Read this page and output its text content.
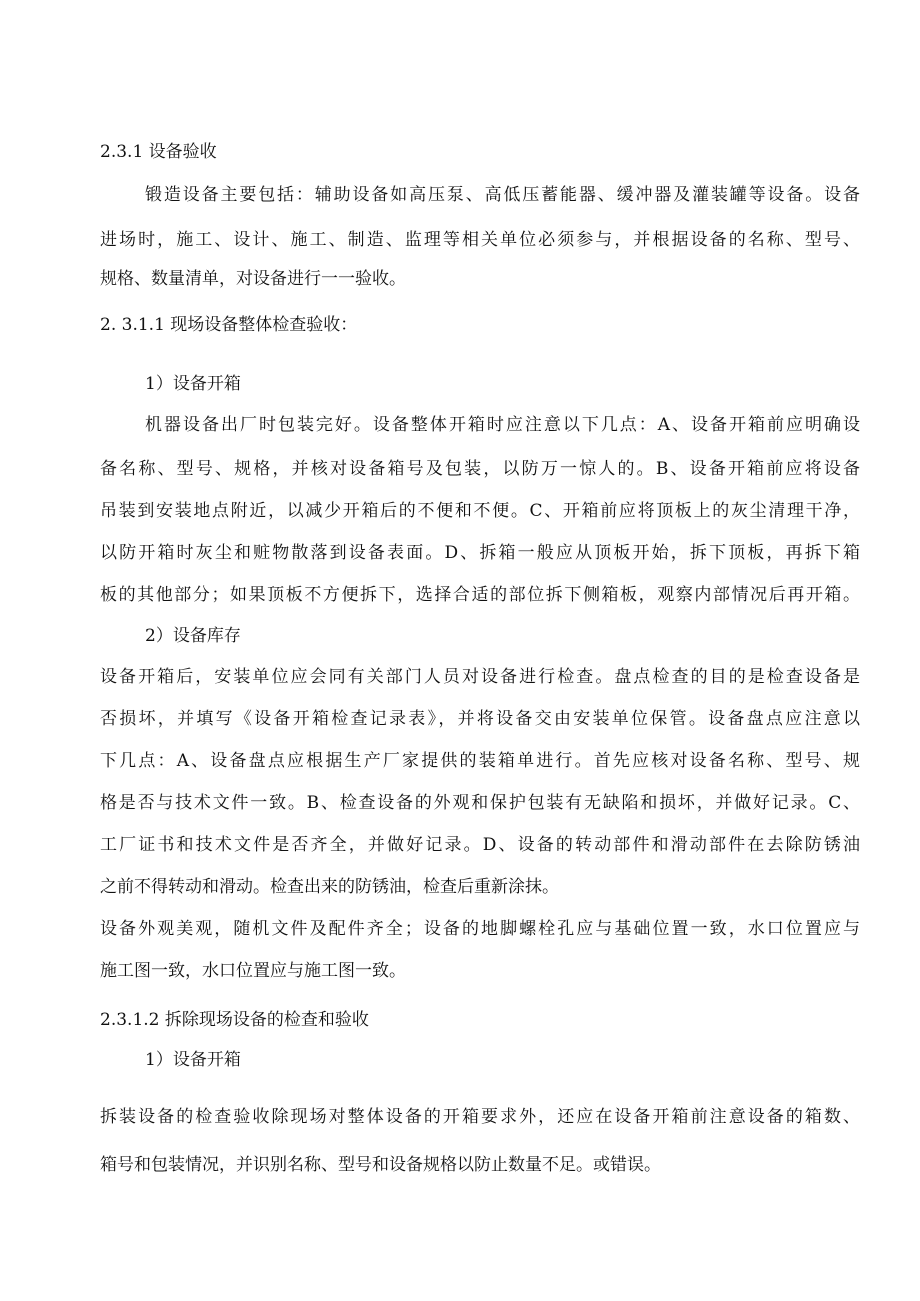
2.3.1 设备验收
锻造设备主要包括：辅助设备如高压泵、高低压蓄能器、缓冲器及灌装罐等设备。设备
进场时，施工、设计、施工、制造、监理等相关单位必须参与，并根据设备的名称、型号、
规格、数量清单，对设备进行一一验收。
2. 3.1.1 现场设备整体检查验收：
1）设备开箱
机器设备出厂时包装完好。设备整体开箱时应注意以下几点：A、设备开箱前应明确设
备名称、型号、规格，并核对设备箱号及包装，以防万一惊人的。B、设备开箱前应将设备
吊装到安装地点附近，以减少开箱后的不便和不便。C、开箱前应将顶板上的灰尘清理干净，
以防开箱时灰尘和赃物散落到设备表面。D、拆箱一般应从顶板开始，拆下顶板，再拆下箱
板的其他部分；如果顶板不方便拆下，选择合适的部位拆下侧箱板，观察内部情况后再开箱。
2）设备库存
设备开箱后，安装单位应会同有关部门人员对设备进行检查。盘点检查的目的是检查设备是
否损坏，并填写《设备开箱检查记录表》，并将设备交由安装单位保管。设备盘点应注意以
下几点：A、设备盘点应根据生产厂家提供的装箱单进行。首先应核对设备名称、型号、规
格是否与技术文件一致。B、检查设备的外观和保护包装有无缺陷和损坏，并做好记录。C、
工厂证书和技术文件是否齐全，并做好记录。D、设备的转动部件和滑动部件在去除防锈油
之前不得转动和滑动。检查出来的防锈油，检查后重新涂抹。
设备外观美观，随机文件及配件齐全；设备的地脚螺栓孔应与基础位置一致，水口位置应与
施工图一致，水口位置应与施工图一致。
2.3.1.2 拆除现场设备的检查和验收
1）设备开箱
拆装设备的检查验收除现场对整体设备的开箱要求外，还应在设备开箱前注意设备的箱数、
箱号和包装情况，并识别名称、型号和设备规格以防止数量不足。或错误。
